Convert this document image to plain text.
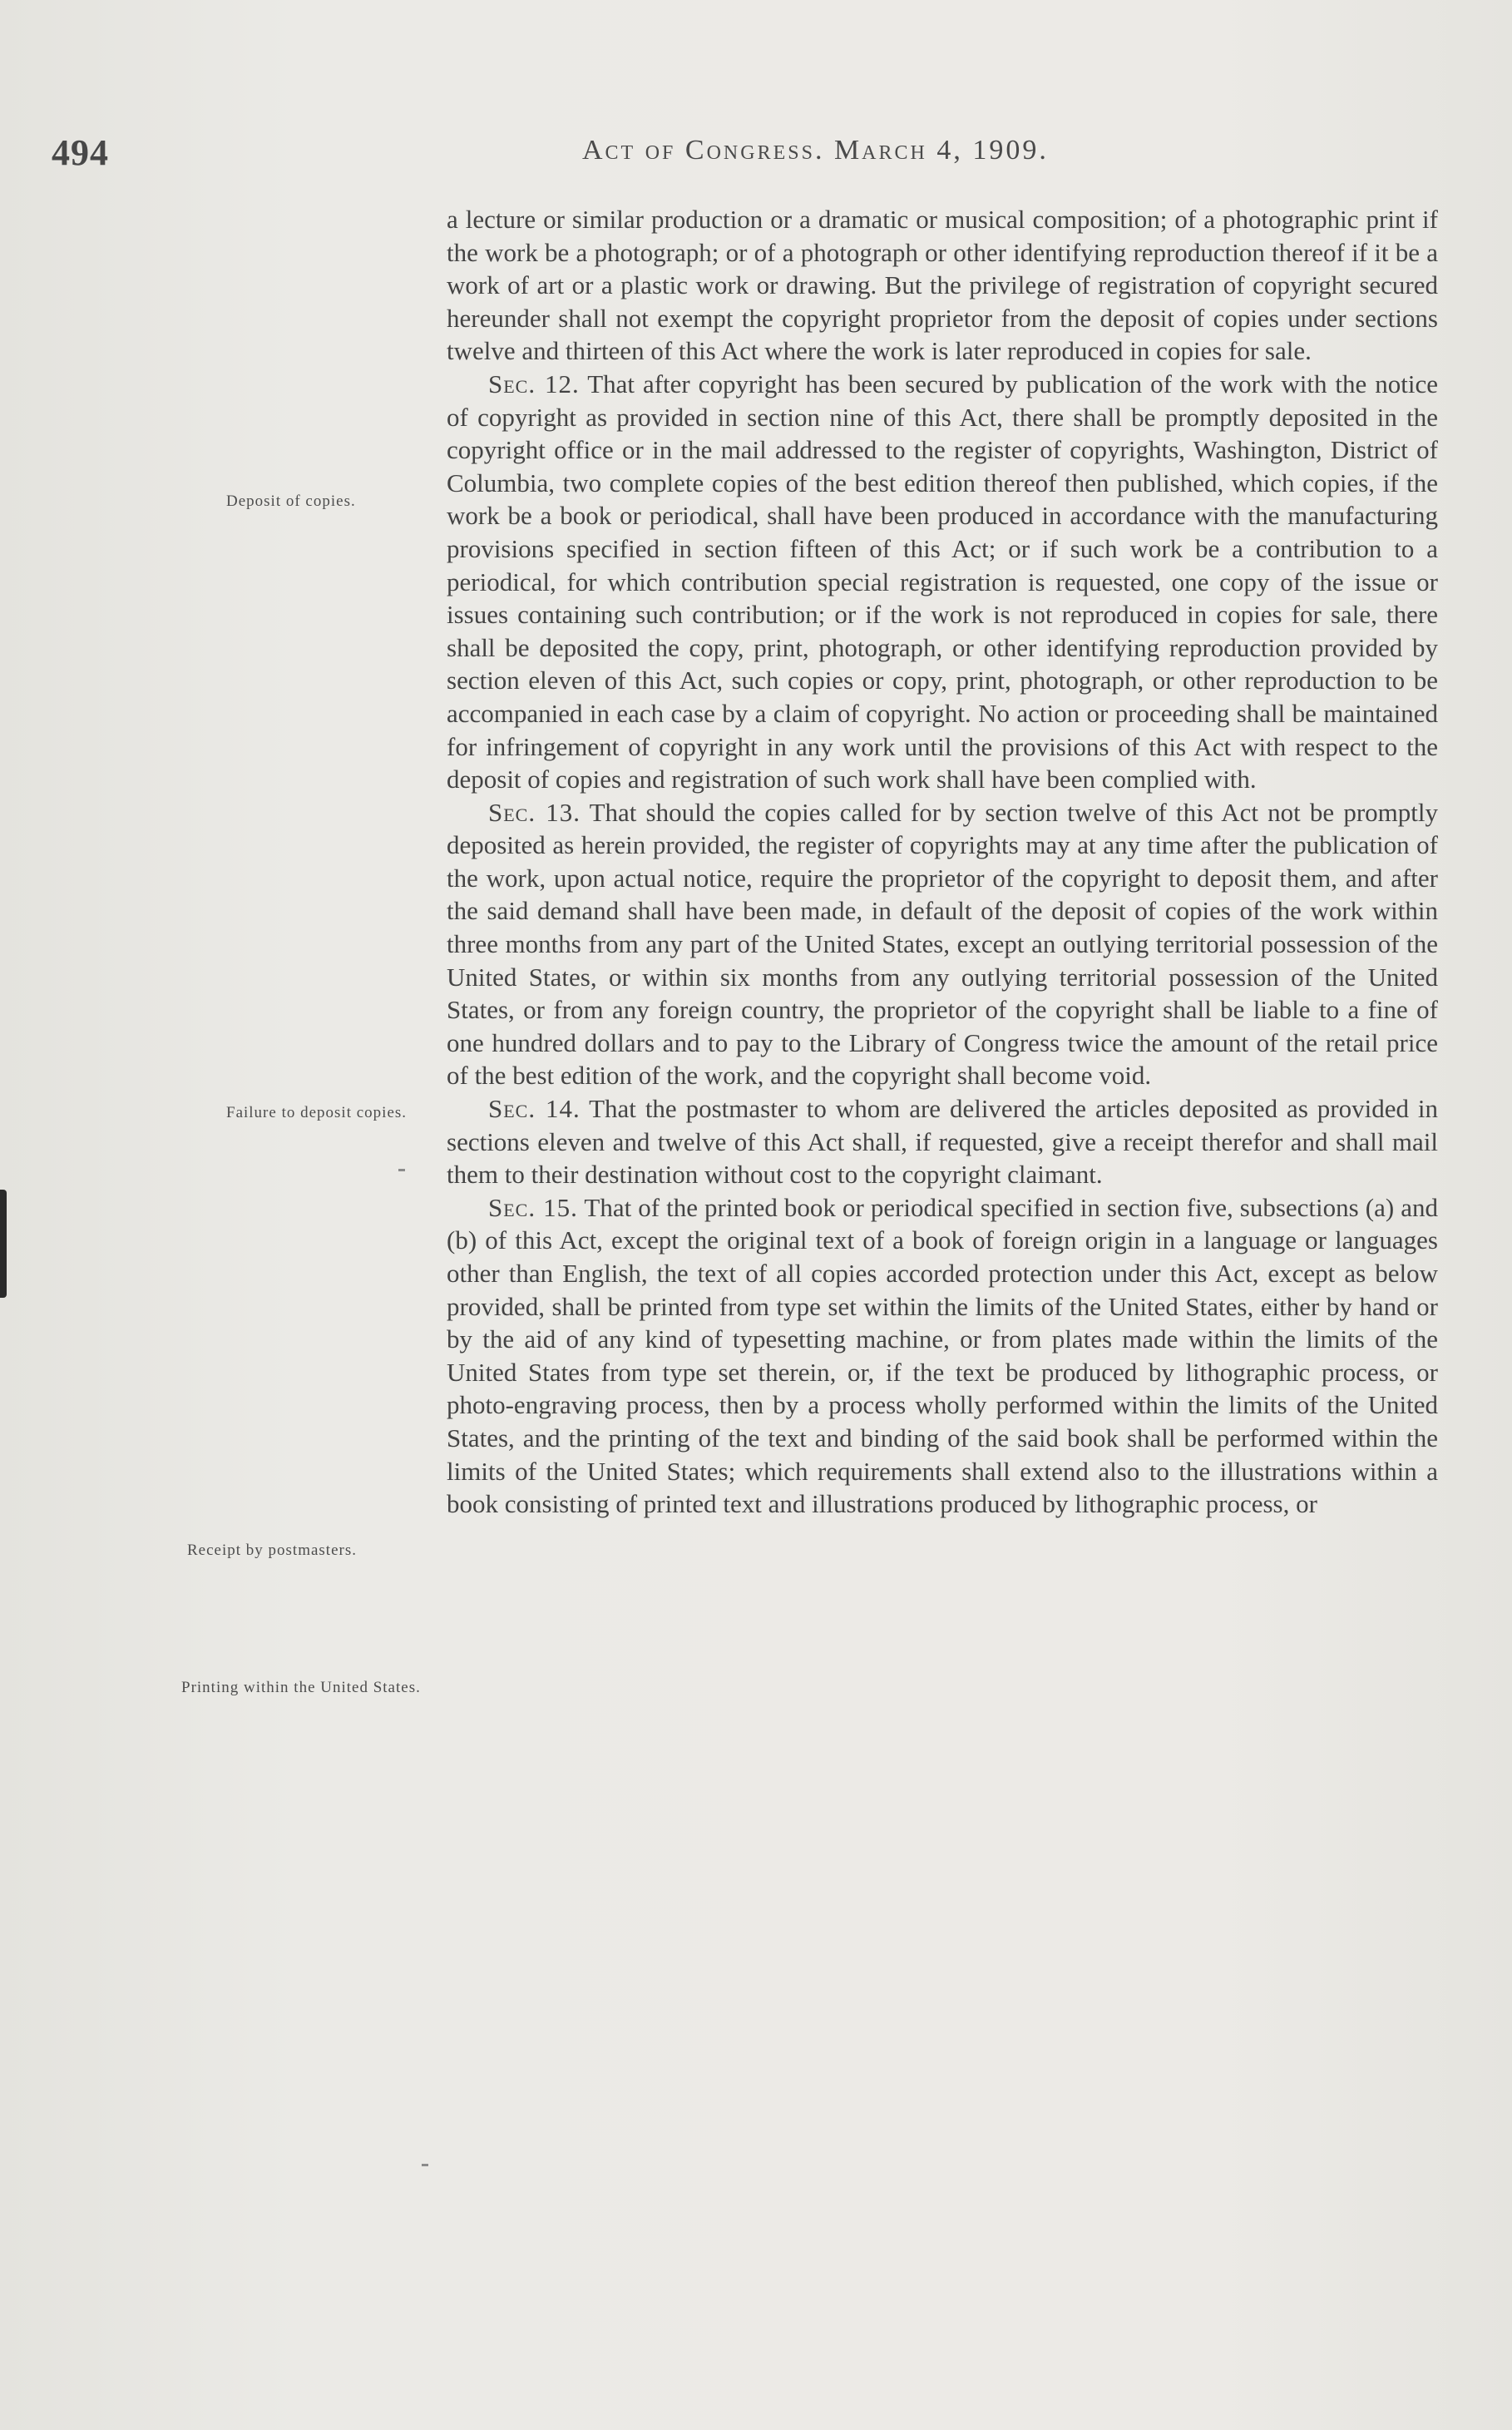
494	Act of Congress. March 4, 1909.
Deposit of copies.
Failure to deposit copies.
Receipt by postmasters.
Printing within the United States.

a lecture or similar production or a dramatic or musical composition; of a photographic print if the work be a photograph; or of a photograph or other identifying reproduction thereof if it be a work of art or a plastic work or drawing. But the privilege of registration of copyright secured hereunder shall not exempt the copyright proprietor from the deposit of copies under sections twelve and thirteen of this Act where the work is later reproduced in copies for sale.

Sec. 12. That after copyright has been secured by publication of the work with the notice of copyright as provided in section nine of this Act, there shall be promptly deposited in the copyright office or in the mail addressed to the register of copyrights, Washington, District of Columbia, two complete copies of the best edition thereof then published, which copies, if the work be a book or periodical, shall have been produced in accordance with the manufacturing provisions specified in section fifteen of this Act; or if such work be a contribution to a periodical, for which contribution special registration is requested, one copy of the issue or issues containing such contribution; or if the work is not reproduced in copies for sale, there shall be deposited the copy, print, photograph, or other identifying reproduction provided by section eleven of this Act, such copies or copy, print, photograph, or other reproduction to be accompanied in each case by a claim of copyright. No action or proceeding shall be maintained for infringement of copyright in any work until the provisions of this Act with respect to the deposit of copies and registration of such work shall have been complied with.

Sec. 13. That should the copies called for by section twelve of this Act not be promptly deposited as herein provided, the register of copyrights may at any time after the publication of the work, upon actual notice, require the proprietor of the copyright to deposit them, and after the said demand shall have been made, in default of the deposit of copies of the work within three months from any part of the United States, except an outlying territorial possession of the United States, or within six months from any outlying territorial possession of the United States, or from any foreign country, the proprietor of the copyright shall be liable to a fine of one hundred dollars and to pay to the Library of Congress twice the amount of the retail price of the best edition of the work, and the copyright shall become void.

Sec. 14. That the postmaster to whom are delivered the articles deposited as provided in sections eleven and twelve of this Act shall, if requested, give a receipt therefor and shall mail them to their destination without cost to the copyright claimant.

Sec. 15. That of the printed book or periodical specified in section five, subsections (a) and (b) of this Act, except the original text of a book of foreign origin in a language or languages other than English, the text of all copies accorded protection under this Act, except as below provided, shall be printed from type set within the limits of the United States, either by hand or by the aid of any kind of typesetting machine, or from plates made within the limits of the United States from type set therein, or, if the text be produced by lithographic process, or photo-engraving process, then by a process wholly performed within the limits of the United States, and the printing of the text and binding of the said book shall be performed within the limits of the United States; which requirements shall extend also to the illustrations within a book consisting of printed text and illustrations produced by lithographic process, or
